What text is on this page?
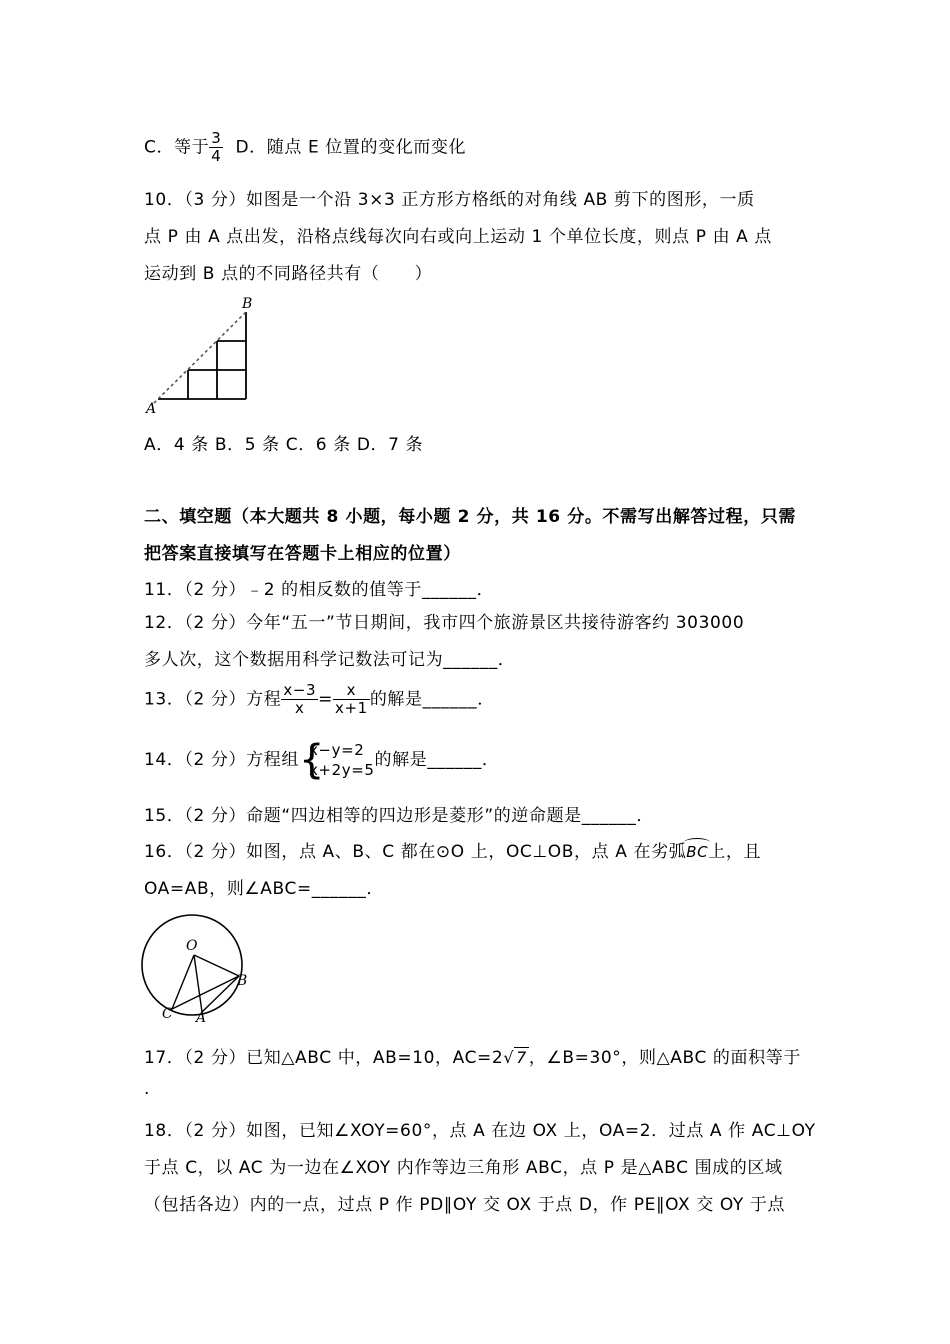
C．等于 $\frac{3}{4}$ D．随点 E 位置的变化而变化
10．（3 分）如图是一个沿 3×3 正方形方格纸的对角线 AB 剪下的图形，一质
点 P 由 A 点出发，沿格点线每次向右或向上运动 1 个单位长度，则点 P 由 A 点
运动到 B 点的不同路径共有（　　）
A
B
A．4 条 B．5 条 C．6 条 D．7 条
二、填空题（本大题共 8 小题，每小题 2 分，共 16 分。不需写出解答过程，只需
把答案直接填写在答题卡上相应的位置）
11．（2 分）﹣2 的相反数的值等于______．
12．（2 分）今年“五一”节日期间，我市四个旅游景区共接待游客约 303000
多人次，这个数据用科学记数法可记为______．
13．（2 分）方程 $\frac{x-3}{x} = \frac{x}{x+1}$ 的解是______．
14．（2 分）方程组 {
x−y=2
x+2y=5 的解是______．
15．（2 分）命题“四边相等的四边形是菱形”的逆命题是______．
16．（2 分）如图，点 A、B、C 都在⊙O 上，OC⊥OB，点 A 在劣弧BC上，且
OA=AB，则∠ABC=______．
O
B
C A
17．（2 分）已知△ABC 中，AB=10，AC=2√ 7 ，∠B=30°，则△ABC 的面积等于
.
18．（2 分）如图，已知∠XOY=60°，点 A 在边 OX 上，OA=2．过点 A 作 AC⊥OY
于点 C，以 AC 为一边在∠XOY 内作等边三角形 ABC，点 P 是△ABC 围成的区域
（包括各边）内的一点，过点 P 作 PD∥OY 交 OX 于点 D，作 PE∥OX 交 OY 于点
